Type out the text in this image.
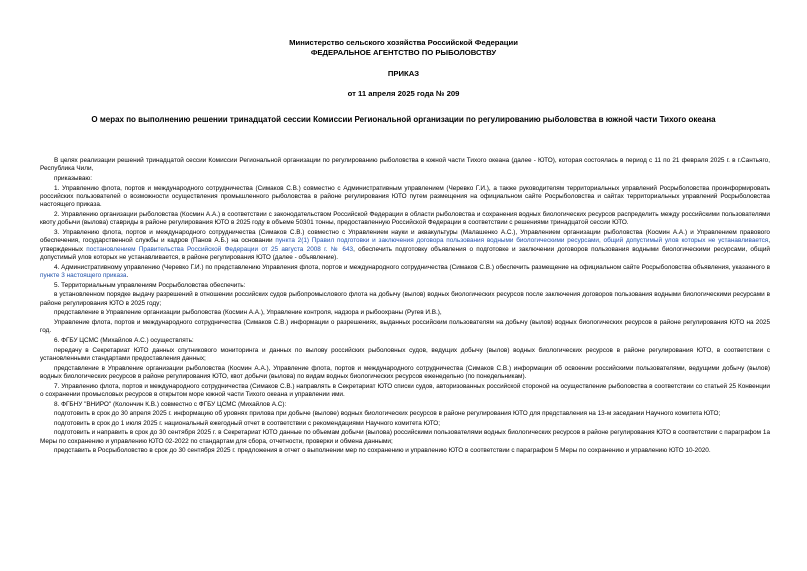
Министерство сельского хозяйства Российской Федерации
ФЕДЕРАЛЬНОЕ АГЕНТСТВО ПО РЫБОЛОВСТВУ
ПРИКАЗ
от 11 апреля 2025 года № 209
О мерах по выполнению решении тринадцатой сессии Комиссии Региональной организации по регулированию рыболовства в южной части Тихого океана

В целях реализации решений тринадцатой сессии Комиссии Региональной организации по регулированию рыболовства в южной части Тихого океана (далее - ЮТО), которая состоялась в период с 11 по 21 февраля 2025 г. в г.Сантьяго, Республика Чили,

приказываю:

1. Управлению флота, портов и международного сотрудничества (Симаков С.В.) совместно с Административным управлением (Черевко Г.И.), а также руководителям территориальных управлений Росрыболовства проинформировать российских пользователей о возможности осуществления промышленного рыболовства в районе регулирования ЮТО путем размещения на официальном сайте Росрыболовства и сайтах территориальных управлений Росрыболовства настоящего приказа.

2. Управлению организации рыболовства (Космин А.А.) в соответствии с законодательством Российской Федерации в области рыболовства и сохранения водных биологических ресурсов распределить между российскими пользователями квоту добычи (вылова) ставриды в районе регулирования ЮТО в 2025 году в объеме 50301 тонны, предоставленную Российской Федерации в соответствии с решениями тринадцатой сессии ЮТО.

3. Управлению флота, портов и международного сотрудничества (Симаков С.В.) совместно с Управлением науки и аквакультуры (Малашенко А.С.), Управлением организации рыболовства (Космин А.А.) и Управлением правового обеспечения, государственной службы и кадров (Панов А.Б.) на основании пункта 2(1) Правил подготовки и заключения договора пользования водными биологическими ресурсами, общий допустимый улов которых не устанавливается, утвержденных постановлением Правительства Российской Федерации от 25 августа 2008 г. № 643, обеспечить подготовку объявления о подготовке и заключении договоров пользования водными биологическими ресурсами, общий допустимый улов которых не устанавливается, в районе регулирования ЮТО (далее - объявление).

4. Административному управлению (Черевко Г.И.) по представлению Управления флота, портов и международного сотрудничества (Симаков С.В.) обеспечить размещение на официальном сайте Росрыболовства объявления, указанного в пункте 3 настоящего приказа.

5. Территориальным управлениям Росрыболовства обеспечить:

в установленном порядке выдачу разрешений в отношении российских судов рыбопромыслового флота на добычу (вылов) водных биологических ресурсов после заключения договоров пользования водными биологическими ресурсами в районе регулирования ЮТО в 2025 году;

представление в Управление организации рыболовства (Космин А.А.), Управление контроля, надзора и рыбоохраны (Ругев И.В.),

Управление флота, портов и международного сотрудничества (Симаков С.В.) информации о разрешениях, выданных российским пользователям на добычу (вылов) водных биологических ресурсов в районе регулирования ЮТО на 2025 год.

6. ФГБУ ЦСМС (Михайлов А.С.) осуществлять:

передачу в Секретариат ЮТО данных спутникового мониторинга и данных по вылову российских рыболовных судов, ведущих добычу (вылов) водных биологических ресурсов в районе регулирования ЮТО, в соответствии с установленными стандартами предоставления данных;

представление в Управление организации рыболовства (Космин А.А.), Управление флота, портов и международного сотрудничества (Симаков С.В.) информации об освоении российскими пользователями, ведущими добычу (вылов) водных биологических ресурсов в районе регулирования ЮТО, квот добычи (вылова) по видам водных биологических ресурсов еженедельно (по понедельникам).

7. Управлению флота, портов и международного сотрудничества (Симаков С.В.) направлять в Секретариат ЮТО списки судов, авторизованных российской стороной на осуществление рыболовства в соответствии со статьей 25 Конвенции о сохранении промысловых ресурсов в открытом море южной части Тихого океана и управлении ими.

8. ФГБНУ "ВНИРО" (Колончин К.В.) совместно с ФГБУ ЦСМС (Михайлов А.С):

подготовить в срок до 30 апреля 2025 г. информацию об уровнях прилова при добыче (вылове) водных биологических ресурсов в районе регулирования ЮТО для представления на 13-м заседании Научного комитета ЮТО;

подготовить в срок до 1 июля 2025 г. национальный ежегодный отчет в соответствии с рекомендациями Научного комитета ЮТО;

подготовить и направить в срок до 30 сентября 2025 г. в Секретариат ЮТО данные по объемам добычи (вылова) российскими пользователями водных биологических ресурсов в районе регулирования ЮТО в соответствии с параграфом 1а Меры по сохранению и управлению ЮТО 02-2022 по стандартам для сбора, отчетности, проверки и обмена данными;

представить в Росрыболовство в срок до 30 сентября 2025 г. предложения в отчет о выполнении мер по сохранению и управлению ЮТО в соответствии с параграфом 5 Меры по сохранению и управлению ЮТО 10-2020.
